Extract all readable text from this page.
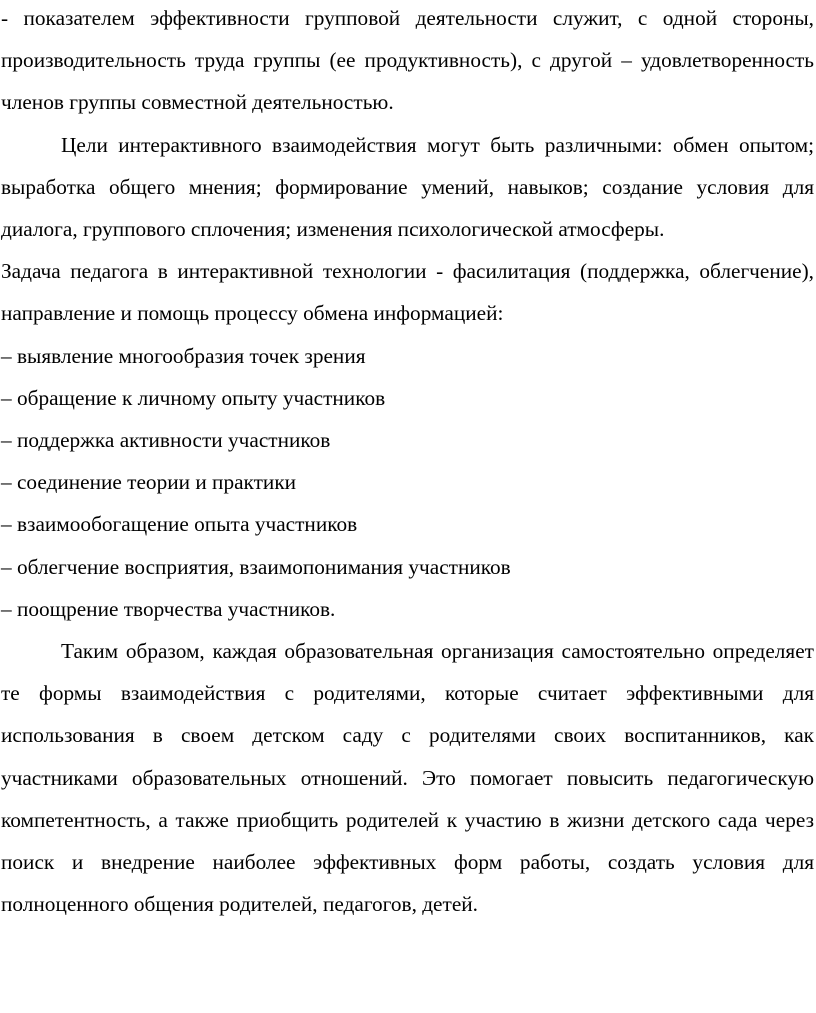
- показателем эффективности групповой деятельности служит, с одной стороны, производительность труда группы (ее продуктивность), с другой – удовлетворенность членов группы совместной деятельностью.

Цели интерактивного взаимодействия могут быть различными: обмен опытом; выработка общего мнения; формирование умений, навыков; создание условия для диалога, группового сплочения; изменения психологической атмосферы.

Задача педагога в интерактивной технологии - фасилитация (поддержка, облегчение), направление и помощь процессу обмена информацией:

– выявление многообразия точек зрения

– обращение к личному опыту участников

– поддержка активности участников

– соединение теории и практики

– взаимообогащение опыта участников

– облегчение восприятия, взаимопонимания участников

– поощрение творчества участников.

Таким образом, каждая образовательная организация самостоятельно определяет те формы взаимодействия с родителями, которые считает эффективными для использования в своем детском саду с родителями своих воспитанников, как участниками образовательных отношений. Это помогает повысить педагогическую компетентность, а также приобщить родителей к участию в жизни детского сада через поиск и внедрение наиболее эффективных форм работы, создать условия для полноценного общения родителей, педагогов, детей.
